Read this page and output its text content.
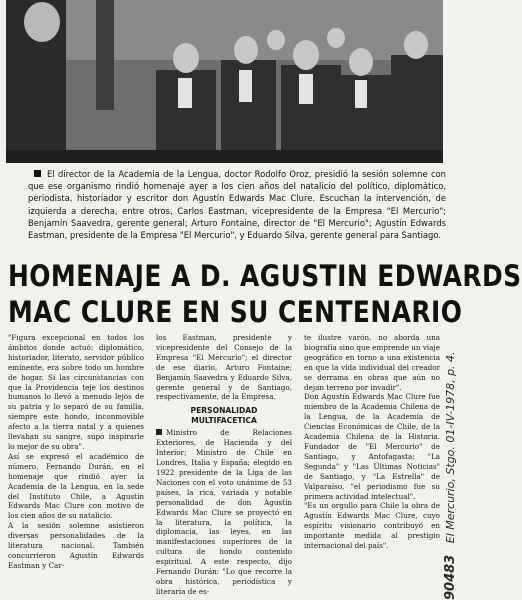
El director de la Academia de la Lengua, doctor Rodolfo Oroz, presidió la sesión solemne con que ese organismo rindió homenaje ayer a los cien años del natalicio del político, diplomático, periodista, historiador y escritor don Agustín Edwards Mac Clure. Escuchan la intervención, de izquierda a derecha, entre otros, Carlos Eastman, vicepresidente de la Empresa "El Mercurio"; Benjamín Saavedra, gerente general; Arturo Fontaine, director de "El Mercurio"; Agustín Edwards Eastman, presidente de la Empresa "El Mercurio", y Eduardo Silva, gerente general para Santiago.
HOMENAJE A D. AGUSTIN EDWARDS
MAC CLURE EN SU CENTENARIO

"Figura excepcional en todos los ámbitos donde actuó: diplomático, historiador, literato, servidor público eminente, era sobre todo un hombre de hogar. Si las circunstancias con que la Providencia teje los destinos humanos lo llevó a menudo lejos de su patria y lo separó de su familia, siempre este hondo, inconmovible afecto a la tierra natal y a quienes llevaban su sangre, supo inspirarle lo mejor de su obra".

Así se expresó el académico de número, Fernando Durán, en el homenaje que rindió ayer la Academia de la Lengua, en la sede del Instituto Chile, a Agustín Edwards Mac Clure con motivo de los cien años de su natalicio.

A la sesión solemne asistieron diversas personalidades de la literatura nacional. También concurrieron Agustín Edwards Eastman y Car-

los Eastman, presidente y vicepresidente del Consejo de la Empresa "El Mercurio"; el director de ese diario, Arturo Fontaine; Benjamín Saavedra y Eduardo Silva, gerente general y de Santiago, respectivamente, de la Empresa.

PERSONALIDAD
MULTIFACETICA

Ministro de Relaciones Exteriores, de Hacienda y del Interior; Ministro de Chile en Londres, Italia y España; elegido en 1922 presidente de la Liga de las Naciones con el voto unánime de 53 países, la rica, variada y notable personalidad de don Agustín Edwards Mac Clure se proyectó en la literatura, la política, la diplomacia, las leyes, en las manifestaciones superiores de la cultura de hondo contenido espiritual. A este respecto, dijo Fernando Durán: "Lo que recorre la obra histórica, periodística y literaria de es-

te ilustre varón, no aborda una biografía sino que emprende un viaje geográfico en torno a una existencia en que la vida individual del creador se derrama en obras que aún no dejan terreno por invadir".

Don Agustín Edwards Mac Clure fue miembro de la Academia Chilena de la Lengua, de la Academia de Ciencias Económicas de Chile, de la Academia Chilena de la Historia. Fundador de "El Mercurio" de Santiago, y Antofagasta; "La Segunda" y "Las Últimas Noticias" de Santiago, y "La Estrella" de Valparaíso, "el periodismo fue su primera actividad intelectual".

"Es un orgullo para Chile la obra de Agustín Edwards Mac Clure, cuyo espíritu visionario contribuyó en importante medida al prestigio internacional del país".

90483 El Mercurio, Stgo. 01-IV-1978, p. 4.
